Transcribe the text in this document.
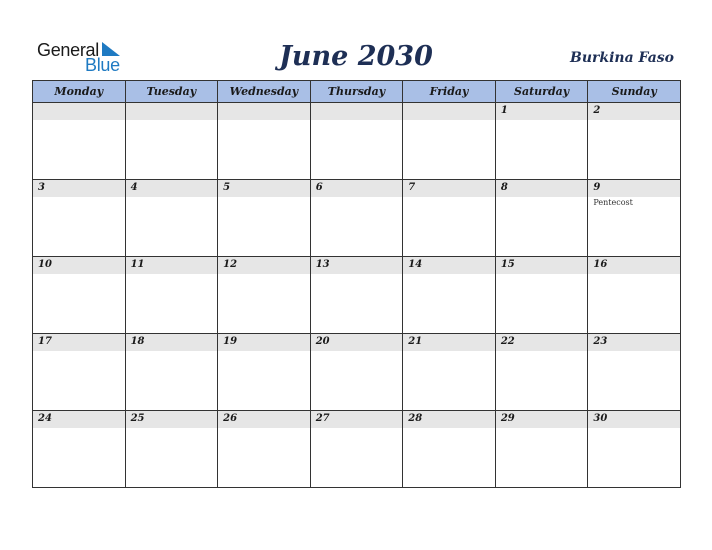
General
Blue	June 2030	Burkina Faso
Monday	Tuesday	Wednesday	Thursday	Friday	Saturday	Sunday

					1	2

3	4	5	6	7	8	9
Pentecost

10	11	12	13	14	15	16

17	18	19	20	21	22	23

24	25	26	27	28	29	30
